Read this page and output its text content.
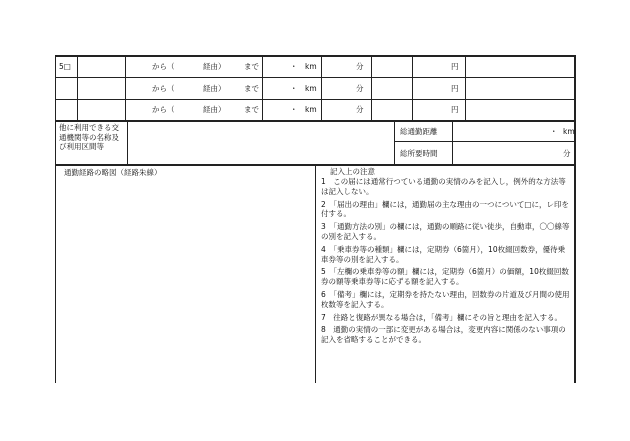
5□	から（	経由） まで	・ km	分	円
から（	経由） まで	・ km	分	円
から（	経由） まで	・ km	分	円
他に利用できる交通機関等の名称及び利用区間等
総通勤距離	・ km
総所要時間	分
通勤経路の略図（経路朱線）	記入上の注意
1　この届には通常行つている通勤の実情のみを記入し，例外的な方法等は記入しない。
2　「届出の理由」欄には，通勤届の主な理由の一つについて□に，レ印を付する。
3　「通勤方法の別」の欄には，通勤の順路に従い徒歩，自動車，〇〇線等の別を記入する。
4　「乗車券等の種類」欄には，定期券（6箇月），10枚綴回数券，優待乗車券等の別を記入する。
5　「左欄の乗車券等の額」欄には，定期券（6箇月）の価額，10枚綴回数券の額等乗車券等に応ずる額を記入する。
6　「備考」欄には，定期券を持たない理由，回数券の片道及び月間の使用枚数等を記入する。
7　往路と復路が異なる場合は，「備考」欄にその旨と理由を記入する。
8　通勤の実情の一部に変更がある場合は，変更内容に関係のない事項の記入を省略することができる。
